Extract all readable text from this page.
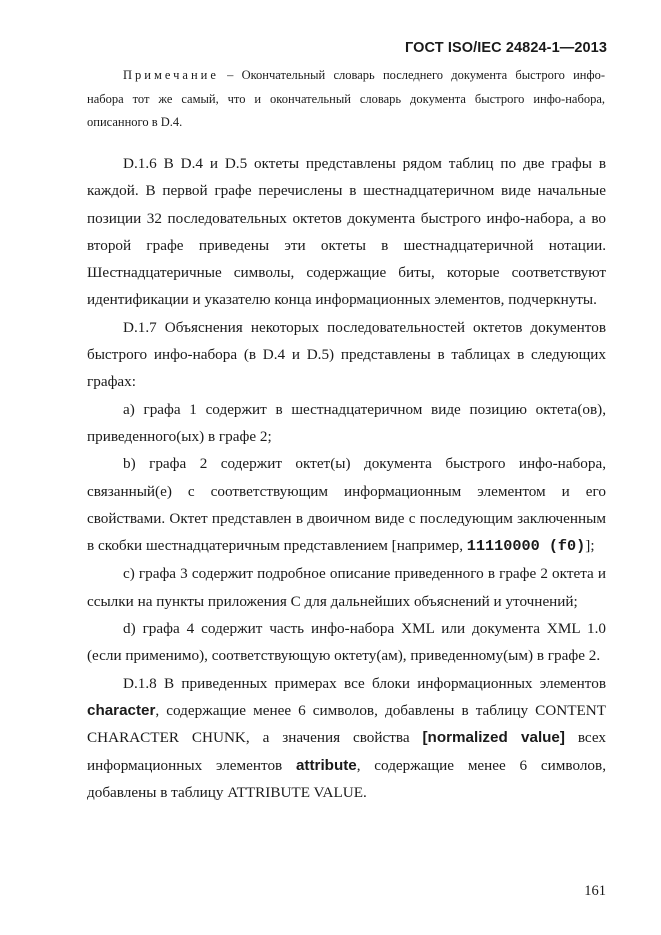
ГОСТ ISO/IEC 24824-1—2013
Примечание – Окончательный словарь последнего документа быстрого инфо-набора тот же самый, что и окончательный словарь документа быстрого инфо-набора, описанного в D.4.

D.1.6 В D.4 и D.5 октеты представлены рядом таблиц по две графы в каждой. В первой графе перечислены в шестнадцатеричном виде начальные позиции 32 последовательных октетов документа быстрого инфо-набора, а во второй графе приведены эти октеты в шестнадцатеричной нотации. Шестнадцатеричные символы, содержащие биты, которые соответствуют идентификации и указателю конца информационных элементов, подчеркнуты.

D.1.7 Объяснения некоторых последовательностей октетов документов быстрого инфо-набора (в D.4 и D.5) представлены в таблицах в следующих графах:

а) графа 1 содержит в шестнадцатеричном виде позицию октета(ов), приведенного(ых) в графе 2;

b) графа 2 содержит октет(ы) документа быстрого инфо-набора, связанный(е) с соответствующим информационным элементом и его свойствами. Октет представлен в двоичном виде с последующим заключенным в скобки шестнадцатеричным представлением [например, 11110000 (f0)];

с) графа 3 содержит подробное описание приведенного в графе 2 октета и ссылки на пункты приложения С для дальнейших объяснений и уточнений;

d) графа 4 содержит часть инфо-набора XML или документа XML 1.0 (если применимо), соответствующую октету(ам), приведенному(ым) в графе 2.

D.1.8 В приведенных примерах все блоки информационных элементов character, содержащие менее 6 символов, добавлены в таблицу CONTENT CHARACTER CHUNK, а значения свойства [normalized value] всех информационных элементов attribute, содержащие менее 6 символов, добавлены в таблицу ATTRIBUTE VALUE.

161
